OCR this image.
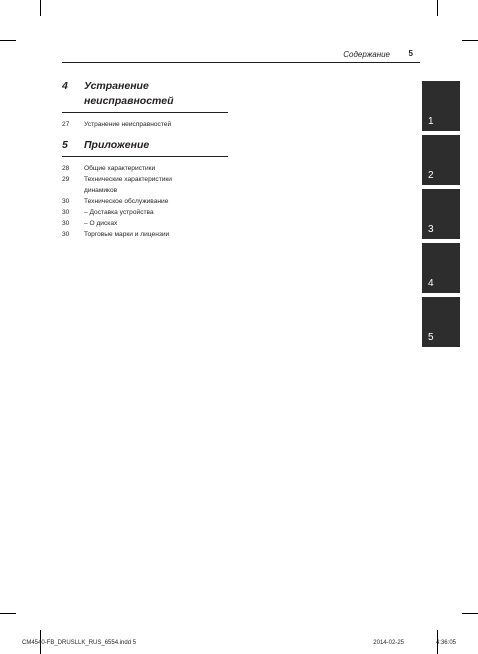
Содержание 5
4 Устранение
неисправностей
27 Устранение неисправностей
5 Приложение
28 Общие характеристики
29 Технические характеристики
динамиков
30 Техническое обслуживание
30 – Доставка устройства
30 – О дисках
30 Торговые марки и лицензии
1
2
3
4
5
CM4540-FB_DRUSLLK_RUS_6554.indd 5	2014-02-25	4:36:05
